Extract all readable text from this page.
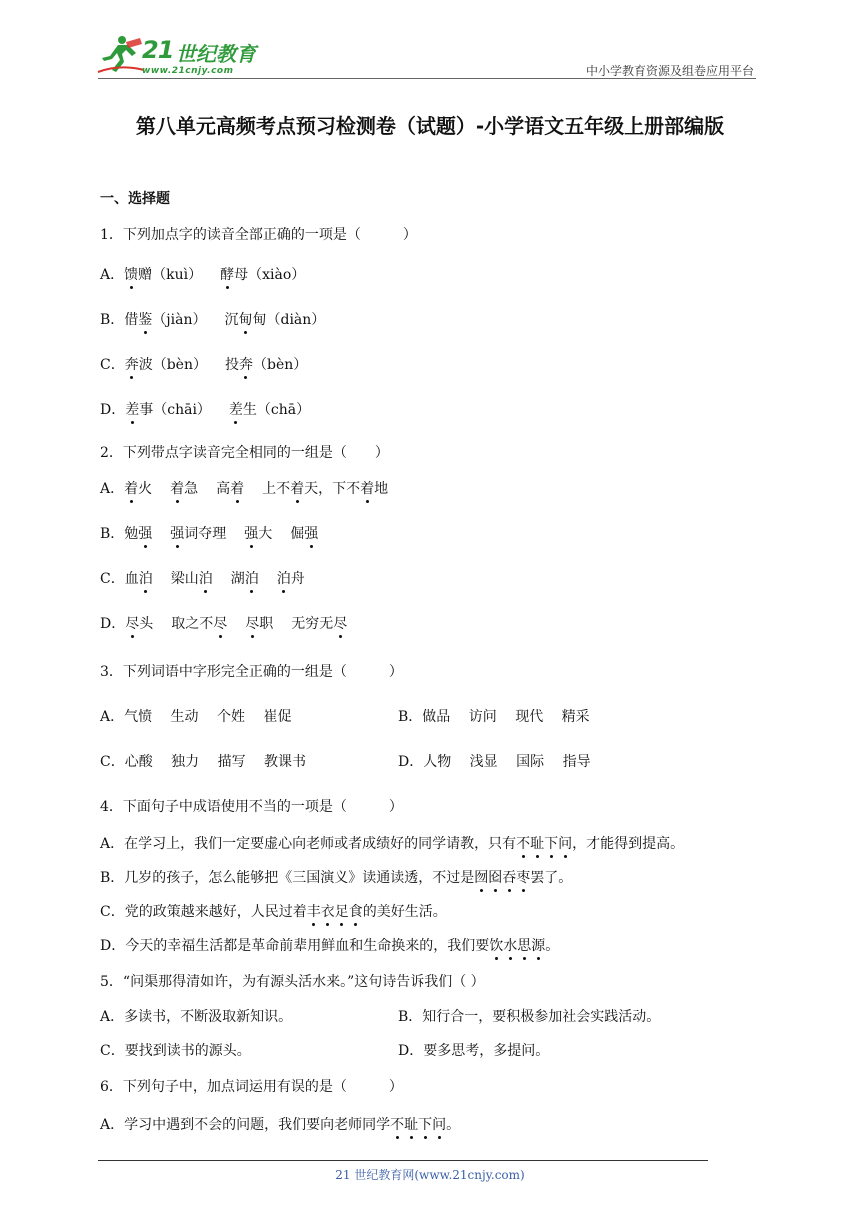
21 世纪教育
www.21cnjy.com	中小学教育资源及组卷应用平台
第八单元高频考点预习检测卷（试题）-小学语文五年级上册部编版
一、选择题
1．下列加点字的读音全部正确的一项是（　　　）
A．馈赠（kuì） 酵母（xiào）
B．借鉴（jiàn） 沉甸甸（diàn）
C．奔波（bèn） 投奔（bèn）
D．差事（chāi） 差生（chā）
2．下列带点字读音完全相同的一组是（　　）
A．着火 着急 高着 上不着天，下不着地
B．勉强 强词夺理 强大 倔强
C．血泊 梁山泊 湖泊 泊舟
D．尽头 取之不尽 尽职 无穷无尽
3．下列词语中字形完全正确的一组是（　　　）
A．气愤　 生动　 个姓　 崔促	B．做品　 访问　 现代　 精采
C．心酸　 独力　 描写　 教课书	D．人物　 浅显　 国际　 指导
4．下面句子中成语使用不当的一项是（　　　）
A．在学习上，我们一定要虚心向老师或者成绩好的同学请教，只有不耻下问，才能得到提高。
B．几岁的孩子，怎么能够把《三国演义》读通读透，不过是囫囵吞枣罢了。
C．党的政策越来越好，人民过着丰衣足食的美好生活。
D．今天的幸福生活都是革命前辈用鲜血和生命换来的，我们要饮水思源。
5．“问渠那得清如许，为有源头活水来。”这句诗告诉我们（ ）
A．多读书，不断汲取新知识。	B．知行合一，要积极参加社会实践活动。
C．要找到读书的源头。	D．要多思考，多提问。
6．下列句子中，加点词运用有误的是（　　　）
A．学习中遇到不会的问题，我们要向老师同学不耻下问。
21 世纪教育网(www.21cnjy.com)
